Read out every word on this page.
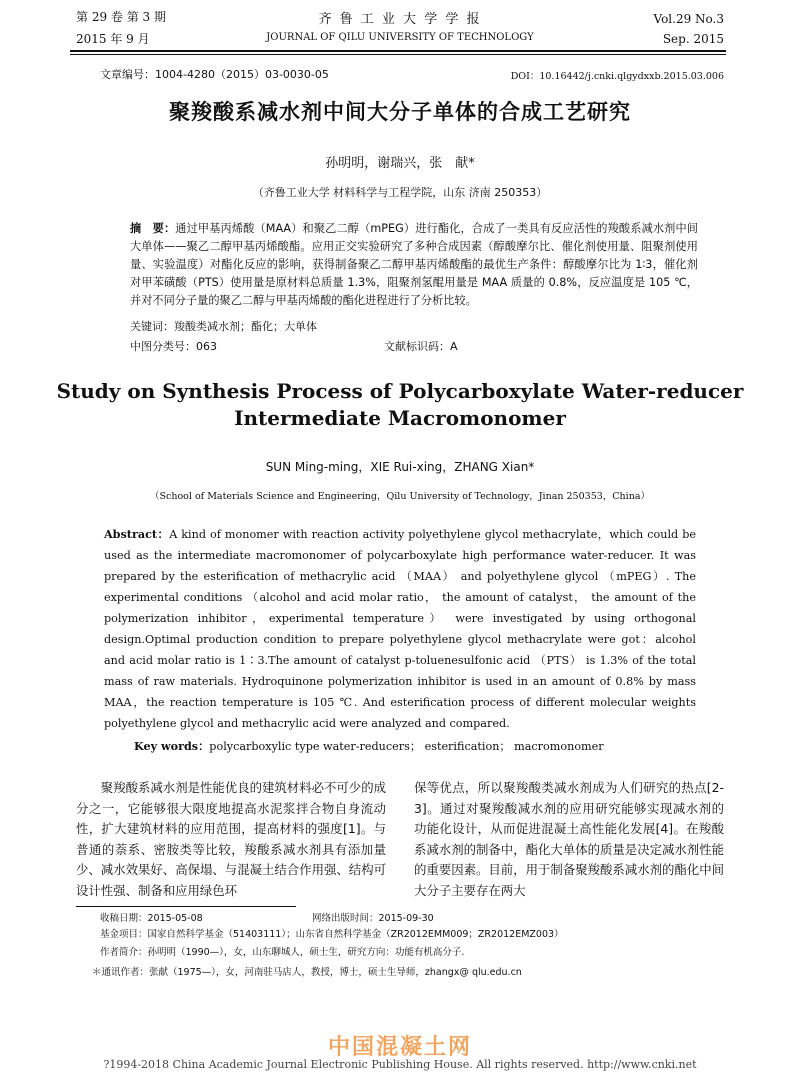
第 29 卷 第 3 期
2015 年 9 月
齐 鲁 工 业 大 学 学 报
JOURNAL OF QILU UNIVERSITY OF TECHNOLOGY
Vol.29 No.3
Sep. 2015
文章编号：1004-4280（2015）03-0030-05	DOI：10.16442/j.cnki.qlgydxxb.2015.03.006
聚羧酸系减水剂中间大分子单体的合成工艺研究
孙明明，谢瑞兴，张　献*
（齐鲁工业大学 材料科学与工程学院，山东 济南 250353）
摘　要：通过甲基丙烯酸（MAA）和聚乙二醇（mPEG）进行酯化，合成了一类具有反应活性的羧酸系减水剂中间大单体——聚乙二醇甲基丙烯酸酯。应用正交实验研究了多种合成因素（醇酸摩尔比、催化剂使用量、阻聚剂使用量、实验温度）对酯化反应的影响，获得制备聚乙二醇甲基丙烯酸酯的最优生产条件：醇酸摩尔比为 1∶3，催化剂对甲苯磺酸（PTS）使用量是原材料总质量 1.3%，阻聚剂氢醌用量是 MAA 质量的 0.8%，反应温度是 105 ℃，并对不同分子量的聚乙二醇与甲基丙烯酸的酯化进程进行了分析比较。
关键词：羧酸类减水剂；酯化；大单体
中图分类号：063	文献标识码：A
Study on Synthesis Process of Polycarboxylate Water-reducer
Intermediate Macromonomer
SUN Ming-ming，XIE Rui-xing，ZHANG Xian*
（School of Materials Science and Engineering，Qilu University of Technology，Jinan 250353，China）
Abstract：A kind of monomer with reaction activity polyethylene glycol methacrylate，which could be used as the intermediate macromonomer of polycarboxylate high performance water-reducer. It was prepared by the esterification of methacrylic acid （MAA） and polyethylene glycol （mPEG）. The experimental conditions （alcohol and acid molar ratio， the amount of catalyst， the amount of the polymerization inhibitor，experimental temperature） were investigated by using orthogonal design.Optimal production condition to prepare polyethylene glycol methacrylate were got：alcohol and acid molar ratio is 1∶3.The amount of catalyst p-toluenesulfonic acid （PTS） is 1.3% of the total mass of raw materials. Hydroquinone polymerization inhibitor is used in an amount of 0.8% by mass MAA，the reaction temperature is 105 ℃. And esterification process of different molecular weights polyethylene glycol and methacrylic acid were analyzed and compared.
Key words：polycarboxylic type water-reducers； esterification； macromonomer
　　聚羧酸系减水剂是性能优良的建筑材料必不可少的成分之一，它能够很大限度地提高水泥浆拌合物自身流动性，扩大建筑材料的应用范围，提高材料的强度[1]。与普通的萘系、密胺类等比较，羧酸系减水剂具有添加量少、减水效果好、高保塌、与混凝土结合作用强、结构可设计性强、制备和应用绿色环
保等优点，所以聚羧酸类减水剂成为人们研究的热点[2-3]。通过对聚羧酸减水剂的应用研究能够实现减水剂的功能化设计，从而促进混凝土高性能化发展[4]。在羧酸系减水剂的制备中，酯化大单体的质量是决定减水剂性能的重要因素。目前，用于制备聚羧酸系减水剂的酯化中间大分子主要存在两大
收稿日期：2015-05-08	网络出版时间：2015-09-30
基金项目：国家自然科学基金（51403111）；山东省自然科学基金（ZR2012EMM009；ZR2012EMZ003）
作者简介：孙明明（1990—），女，山东聊城人，硕士生，研究方向：功能有机高分子.
＊通讯作者：张献（1975—），女，河南驻马店人，教授，博士，硕士生导师，zhangx@ qlu.edu.cn
中国混凝土网
?1994-2018 China Academic Journal Electronic Publishing House. All rights reserved. http://www.cnki.net
